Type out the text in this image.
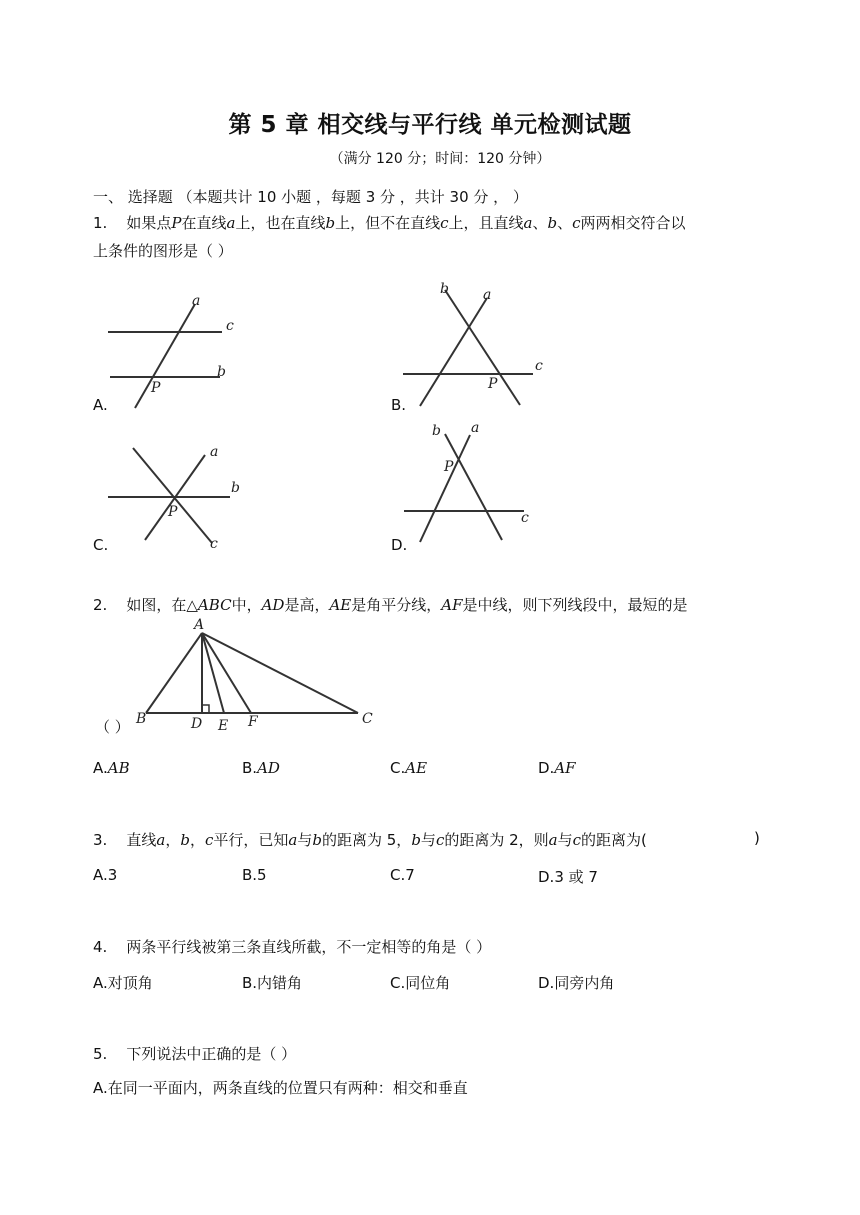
第 5 章 相交线与平行线 单元检测试题
（满分 120 分；时间：120 分钟）
一、 选择题 （本题共计 10 小题 ，每题 3 分 ，共计 30 分 ， ）
1. 如果点P在直线a上，也在直线b上，但不在直线c上，且直线a、b、c两两相交符合以
上条件的图形是（ ）
a
c
b
P
A.
b a
c
P
B.
a
b
P
c
C.
b a
P
c
D.
2. 如图，在△ABC中，AD是高，AE是角平分线，AF是中线，则下列线段中，最短的是
A
B	D E F	C
（ ）
A.AB	B.AD	C.AE	D.AF
3. 直线a，b，c平行，已知a与b的距离为 5，b与c的距离为 2，则a与c的距离为(	)
A.3	B.5	C.7	D.3 或 7
4. 两条平行线被第三条直线所截，不一定相等的角是（ ）
A.对顶角	B.内错角	C.同位角	D.同旁内角
5. 下列说法中正确的是（ ）
A.在同一平面内，两条直线的位置只有两种：相交和垂直
